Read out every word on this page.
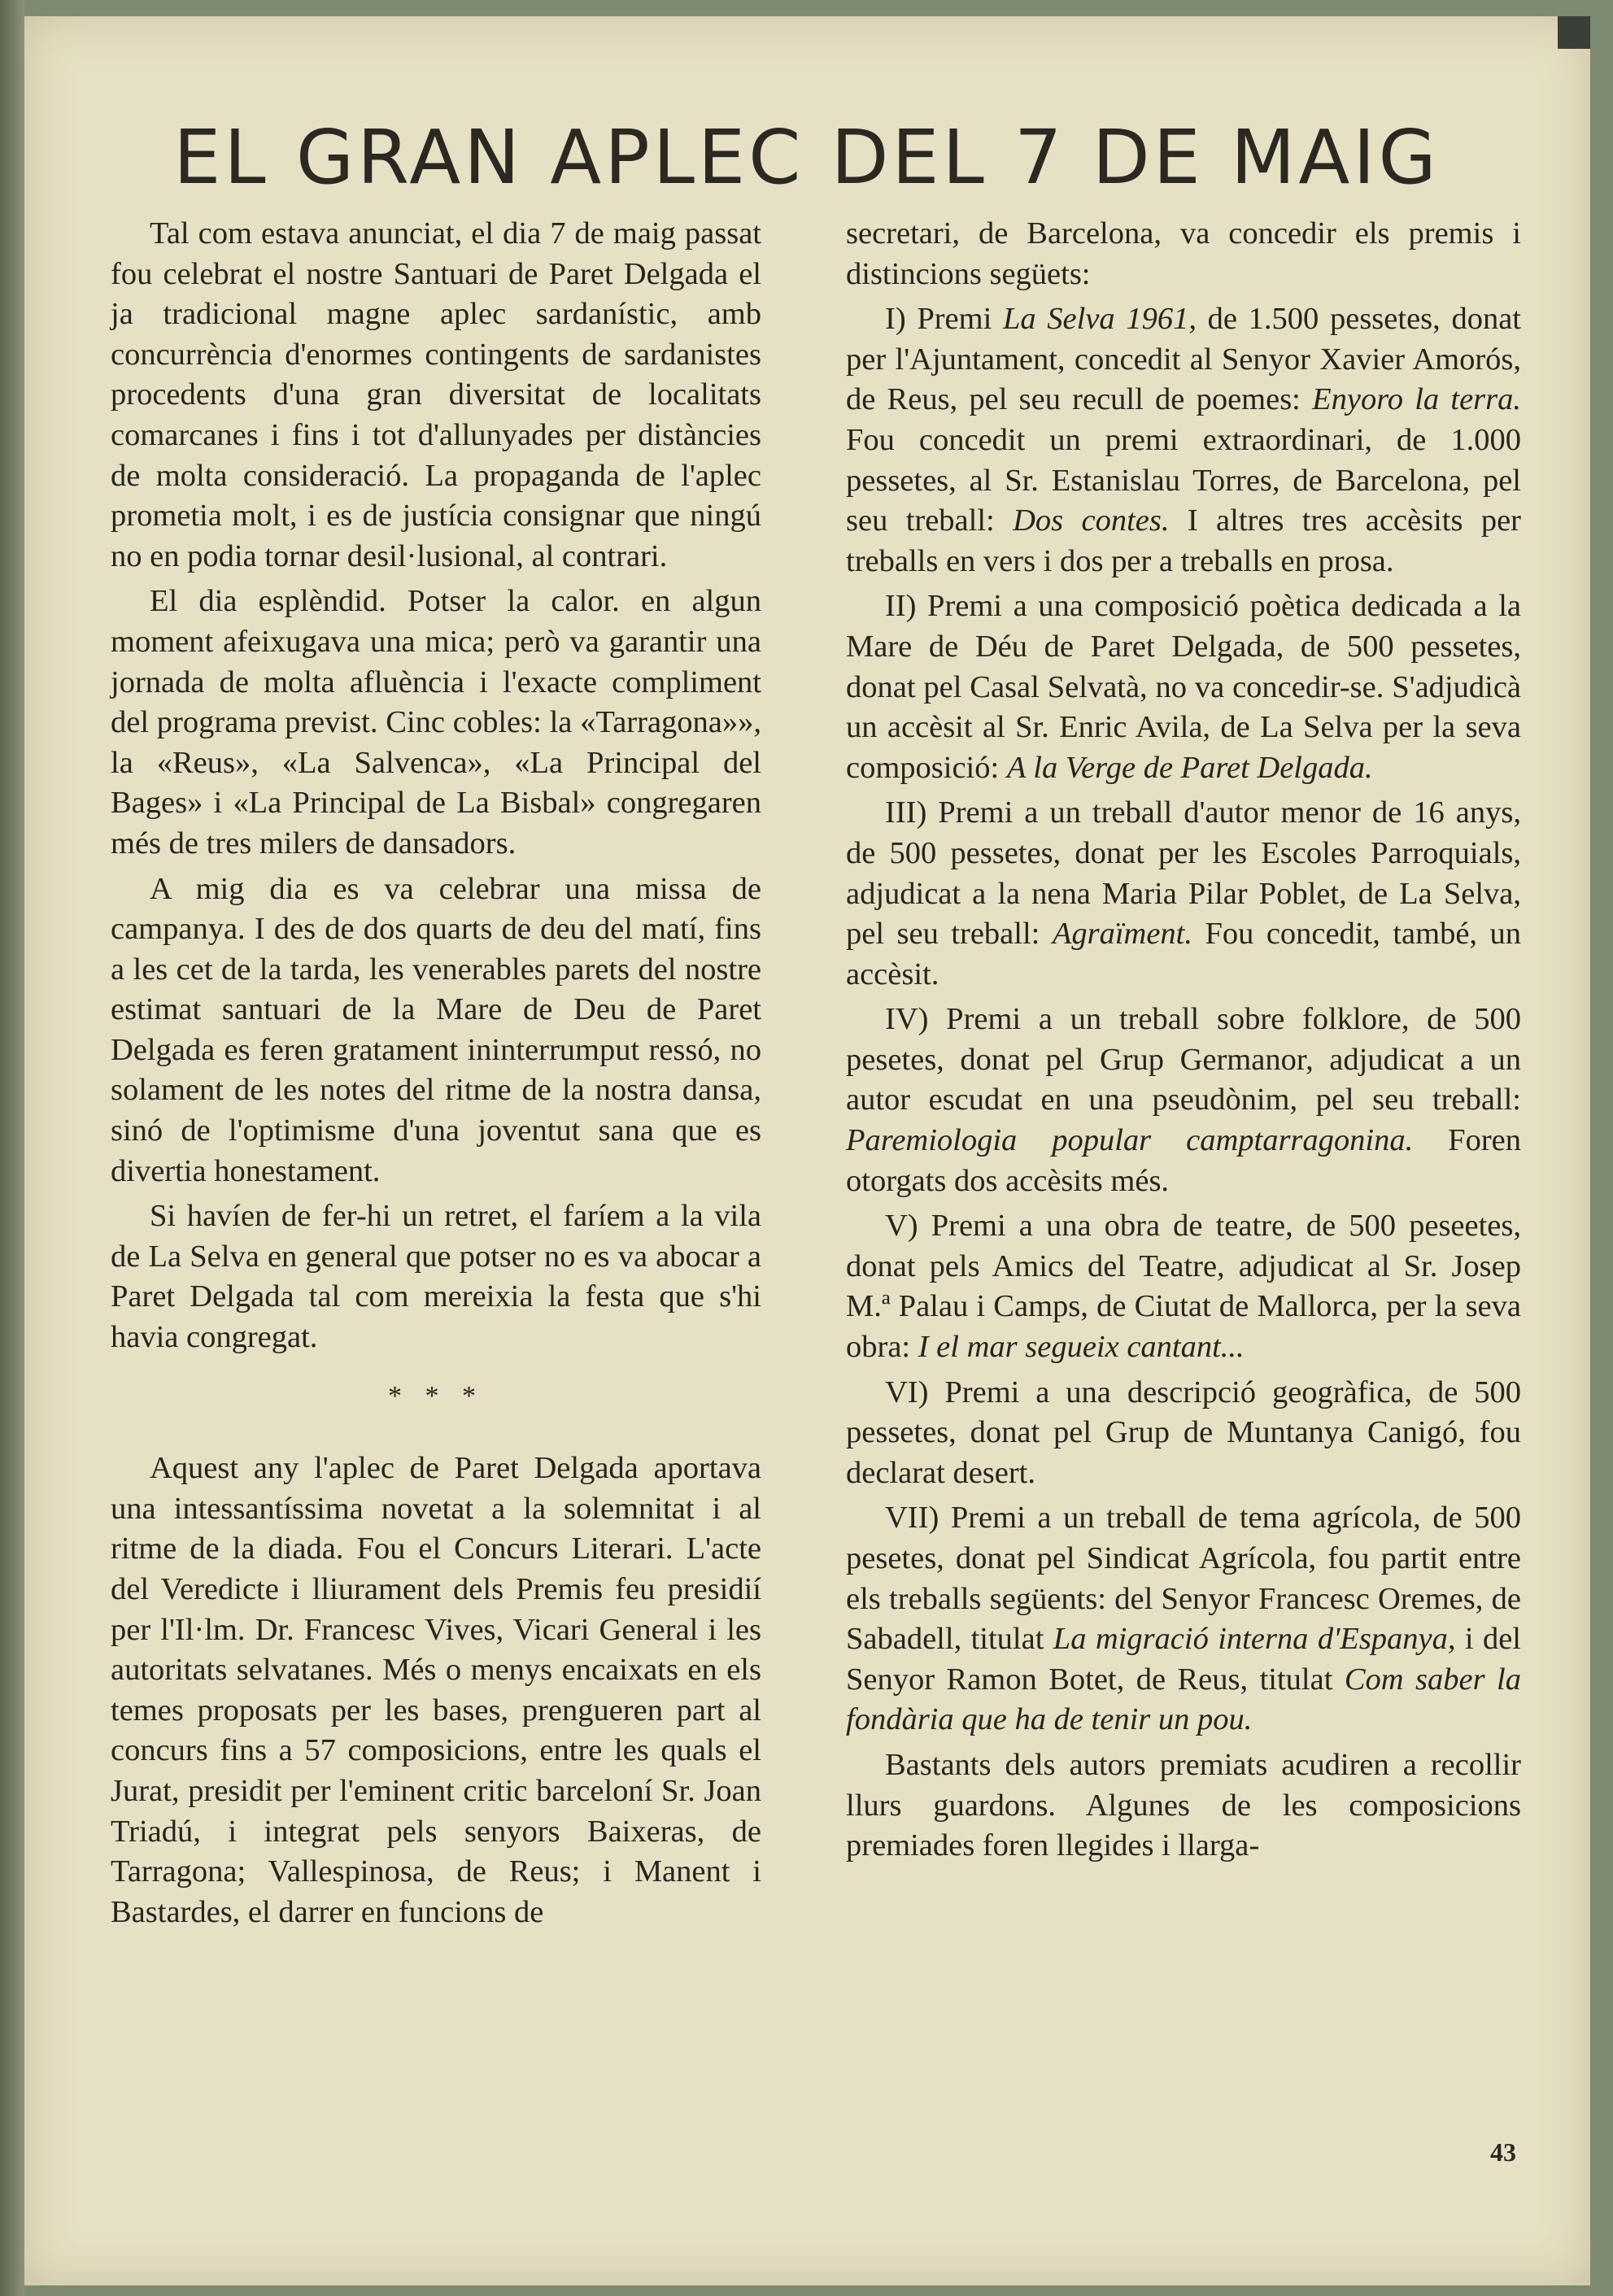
EL GRAN APLEC DEL 7 DE MAIG

Tal com estava anunciat, el dia 7 de maig passat fou celebrat el nostre Santuari de Paret Delgada el ja tradicional magne aplec sardanístic, amb concurrència d'enormes contingents de sardanistes procedents d'una gran diversitat de localitats comarcanes i fins i tot d'allunyades per distàncies de molta consideració. La propaganda de l'aplec prometia molt, i es de justícia consignar que ningú no en podia tornar desil·lusional, al contrari.

El dia esplèndid. Potser la calor. en algun moment afeixugava una mica; però va garantir una jornada de molta afluència i l'exacte compliment del programa previst. Cinc cobles: la «Tarragona»», la «Reus», «La Salvenca», «La Principal del Bages» i «La Principal de La Bisbal» congregaren més de tres milers de dansadors.

A mig dia es va celebrar una missa de campanya. I des de dos quarts de deu del matí, fins a les cet de la tarda, les venerables parets del nostre estimat santuari de la Mare de Deu de Paret Delgada es feren gratament ininterrumput ressó, no solament de les notes del ritme de la nostra dansa, sinó de l'optimisme d'una joventut sana que es divertia honestament.

Si havíen de fer-hi un retret, el faríem a la vila de La Selva en general que potser no es va abocar a Paret Delgada tal com mereixia la festa que s'hi havia congregat.

* * *

Aquest any l'aplec de Paret Delgada aportava una intessantíssima novetat a la solemnitat i al ritme de la diada. Fou el Concurs Literari. L'acte del Veredicte i lliurament dels Premis feu presidií per l'Il·lm. Dr. Francesc Vives, Vicari General i les autoritats selvatanes. Més o menys encaixats en els temes proposats per les bases, prengueren part al concurs fins a 57 composicions, entre les quals el Jurat, presidit per l'eminent critic barceloní Sr. Joan Triadú, i integrat pels senyors Baixeras, de Tarragona; Vallespinosa, de Reus; i Manent i Bastardes, el darrer en funcions de

secretari, de Barcelona, va concedir els premis i distincions següets:

I) Premi La Selva 1961, de 1.500 pessetes, donat per l'Ajuntament, concedit al Senyor Xavier Amorós, de Reus, pel seu recull de poemes: Enyoro la terra. Fou concedit un premi extraordinari, de 1.000 pessetes, al Sr. Estanislau Torres, de Barcelona, pel seu treball: Dos contes. I altres tres accèsits per treballs en vers i dos per a treballs en prosa.

II) Premi a una composició poètica dedicada a la Mare de Déu de Paret Delgada, de 500 pessetes, donat pel Casal Selvatà, no va concedir-se. S'adjudicà un accèsit al Sr. Enric Avila, de La Selva per la seva composició: A la Verge de Paret Delgada.

III) Premi a un treball d'autor menor de 16 anys, de 500 pessetes, donat per les Escoles Parroquials, adjudicat a la nena Maria Pilar Poblet, de La Selva, pel seu treball: Agraïment. Fou concedit, també, un accèsit.

IV) Premi a un treball sobre folklore, de 500 pesetes, donat pel Grup Germanor, adjudicat a un autor escudat en una pseudònim, pel seu treball: Paremiologia popular camptarragonina. Foren otorgats dos accèsits més.

V) Premi a una obra de teatre, de 500 peseetes, donat pels Amics del Teatre, adjudicat al Sr. Josep M.ª Palau i Camps, de Ciutat de Mallorca, per la seva obra: I el mar segueix cantant...

VI) Premi a una descripció geogràfica, de 500 pessetes, donat pel Grup de Muntanya Canigó, fou declarat desert.

VII) Premi a un treball de tema agrícola, de 500 pesetes, donat pel Sindicat Agrícola, fou partit entre els treballs següents: del Senyor Francesc Oremes, de Sabadell, titulat La migració interna d'Espanya, i del Senyor Ramon Botet, de Reus, titulat Com saber la fondària que ha de tenir un pou.

Bastants dels autors premiats acudiren a recollir llurs guardons. Algunes de les composicions premiades foren llegides i llarga-

43
